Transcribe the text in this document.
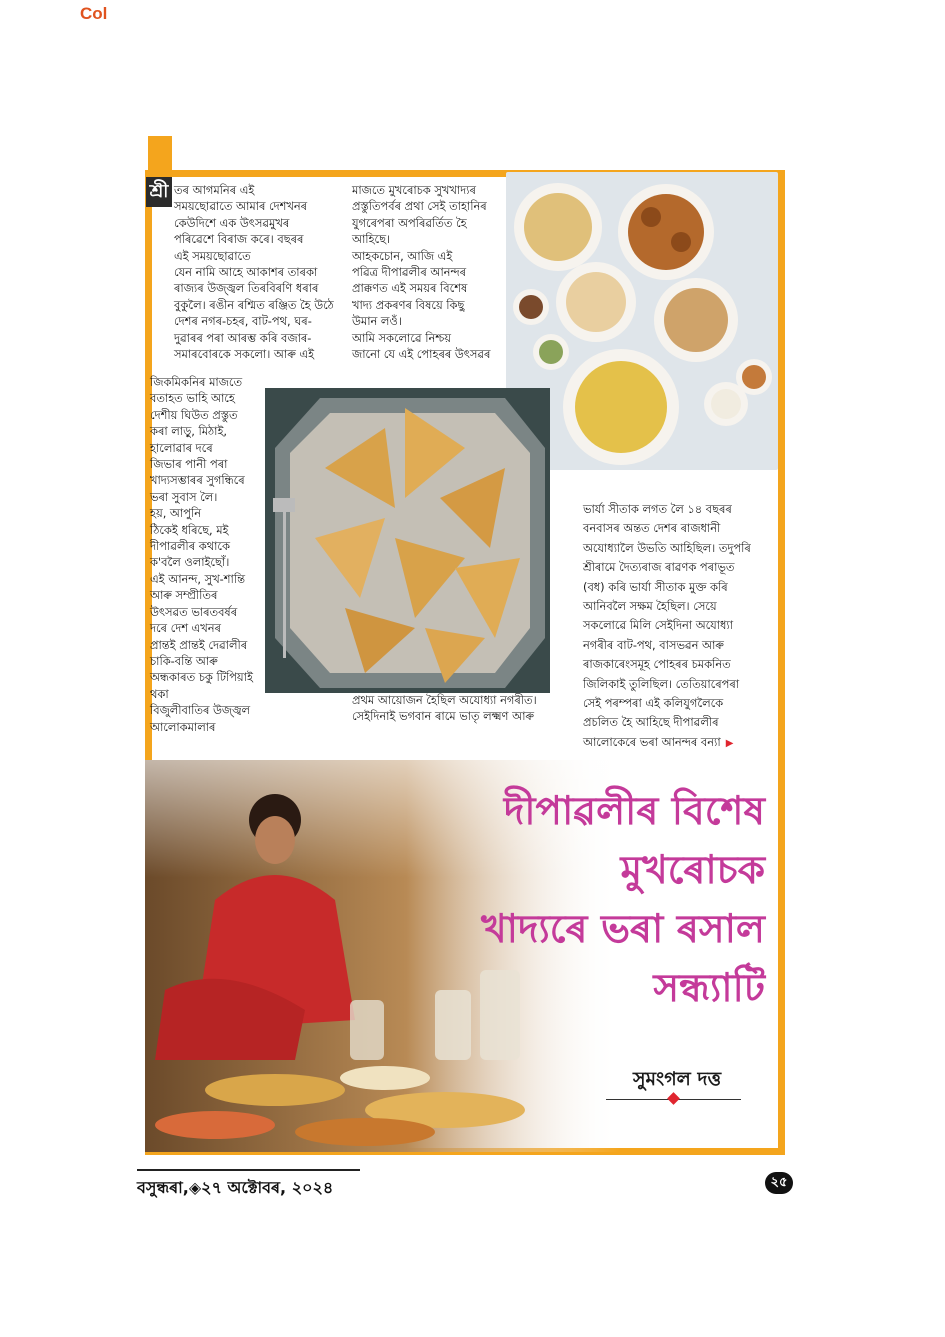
Col
শ্ৰী তৰ আগমনিৰ এই
সময়ছোৱাতে আমাৰ দেশখনৰ
কেউদিশে এক উৎসৱমুখৰ
পৰিৱেশে বিৰাজ কৰে। বছৰৰ
এই সময়ছোৱাতে
যেন নামি আহে আকাশৰ তাৰকা
ৰাজ্যৰ উজ্জ্বল তিৰবিৰণি ধৰাৰ
বুকুলৈ। ৰঙীন ৰশ্মিত ৰঞ্জিত হৈ উঠে
দেশৰ নগৰ-চহৰ, বাট-পথ, ঘৰ-
দুৱাৰৰ পৰা আৰম্ভ কৰি বজাৰ-
সমাৰবোৰকে সকলো। আৰু এই

জিকমিকনিৰ মাজতে
বতাহত ভাহি আহে
দেশীয় ঘিউত প্ৰস্তুত
কৰা লাড়ু, মিঠাই,
হালোৱাৰ দৰে
জিভাৰ পানী পৰা
খাদ্যসম্ভাৰৰ সুগন্ধিৰে
ভৰা সুবাস লৈ।
হয়, আপুনি
ঠিকেই ধৰিছে, মই
দীপাৱলীৰ কথাকে
ক'বলৈ ওলাইছোঁ।
এই আনন্দ, সুখ-শান্তি
আৰু সম্প্ৰীতিৰ
উৎসৱত ভাৰতবৰ্ষৰ
দৰে দেশ এখনৰ
প্ৰান্তই প্ৰান্তই দেৱালীৰ
চাকি-বন্তি আৰু
অন্ধকাৰত চকু টিপিয়াই থকা
বিজুলীবাতিৰ উজ্জ্বল আলোকমালাৰ

মাজতে মুখৰোচক সুখখাদ্যৰ
প্ৰস্তুতিপৰ্বৰ প্ৰথা সেই তাহানিৰ
যুগৰেপৰা অপৰিৱৰ্তিত হৈ
আহিছে।
আহকচোন, আজি এই
পৱিত্ৰ দীপাৱলীৰ আনন্দৰ
প্ৰাক্কণত এই সময়ৰ বিশেষ
খাদ্য প্ৰকৰণৰ বিষয়ে কিছু
উমান লওঁ।
আমি সকলোৱে নিশ্চয়
জানো যে এই পোহৰৰ উৎসৱৰ

প্ৰথম আয়োজন হৈছিল অযোধ্যা নগৰীত।
সেইদিনাই ভগবান ৰামে ভাতৃ লক্ষ্মণ আৰু

ভাৰ্যা সীতাক লগত লৈ ১৪ বছৰৰ
বনবাসৰ অন্তত দেশৰ ৰাজধানী
অযোধ্যালৈ উভতি আহিছিল। তদুপৰি
শ্ৰীৰামে দৈত্যৰাজ ৰাৱণক পৰাভূত
(বধ) কৰি ভাৰ্যা সীতাক মুক্ত কৰি
আনিবলৈ সক্ষম হৈছিল। সেয়ে
সকলোৱে মিলি সেইদিনা অযোধ্যা
নগৰীৰ বাট-পথ, বাসভৱন আৰু
ৰাজকাৰেংসমূহ পোহৰৰ চমকনিত
জিলিকাই তুলিছিল। তেতিয়াৰেপৰা
সেই পৰম্পৰা এই কলিযুগলৈকে
প্ৰচলিত হৈ আহিছে দীপাৱলীৰ
আলোকেৰে ভৰা আনন্দৰ বন্যা ▶
দীপাৱলীৰ বিশেষ
মুখৰোচক
খাদ্যৰে ভৰা ৰসাল
সন্ধ্যাটি
সুমংগল দত্ত
বসুন্ধৰা,◈২৭ অক্টোবৰ, ২০২৪	২৫
